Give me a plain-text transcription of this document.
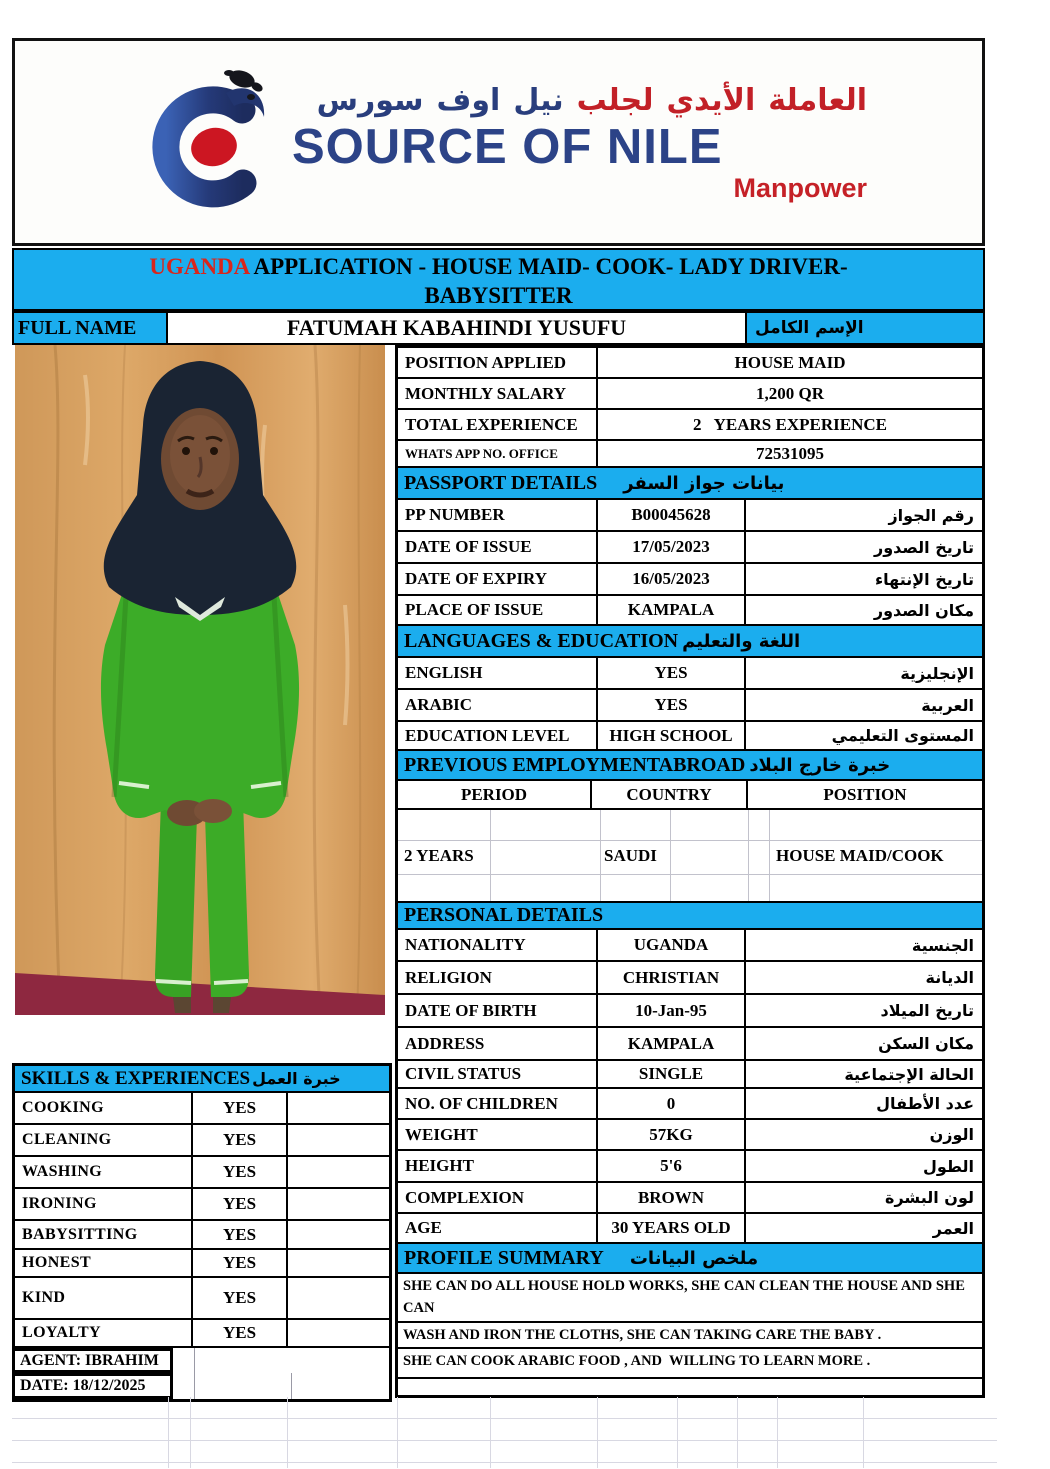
سورس اوف نيل لجلب الأيدي العاملة
SOURCE OF NILE
Manpower
UGANDA APPLICATION - HOUSE MAID- COOK- LADY DRIVER-
BABYSITTER
FULL NAME	FATUMAH KABAHINDI YUSUFU	الإسم الكامل
POSITION APPLIED	HOUSE MAID
MONTHLY SALARY	1,200 QR
TOTAL EXPERIENCE	2   YEARS EXPERIENCE
WHATS APP NO. OFFICE	72531095
PASSPORT DETAILS بيانات جواز السفر
PP NUMBER	B00045628	رقم الجواز
DATE OF ISSUE	17/05/2023	تاريخ الصدور
DATE OF EXPIRY	16/05/2023	تاريخ الإنتهاء
PLACE OF ISSUE	KAMPALA	مكان الصدور
LANGUAGES & EDUCATION اللغة والتعليم
ENGLISH	YES	الإنجليزية
ARABIC	YES	العربية
EDUCATION LEVEL	HIGH SCHOOL	المستوى التعليمي
PREVIOUS EMPLOYMENTABROAD خبرة خارج البلاد
PERIOD	COUNTRY	POSITION
2 YEARS	SAUDI	HOUSE MAID/COOK
PERSONAL DETAILS
NATIONALITY	UGANDA	الجنسية
RELIGION	CHRISTIAN	الديانة
DATE OF BIRTH	10-Jan-95	تاريخ الميلاد
ADDRESS	KAMPALA	مكان السكن
CIVIL STATUS	SINGLE	الحالة الإجتماعية
NO. OF CHILDREN	0	عدد الأطفال
WEIGHT	57KG	الوزن
HEIGHT	5'6	الطول
COMPLEXION	BROWN	لون البشرة
AGE	30 YEARS OLD	العمر
PROFILE SUMMARY ملخص البيانات
SHE CAN DO ALL HOUSE HOLD WORKS, SHE CAN CLEAN THE HOUSE AND SHE CAN
WASH AND IRON THE CLOTHS, SHE CAN TAKING CARE THE BABY .
SHE CAN COOK ARABIC FOOD , AND  WILLING TO LEARN MORE .
SKILLS & EXPERIENCES خبرة العمل
COOKING	YES
CLEANING	YES
WASHING	YES
IRONING	YES
BABYSITTING	YES
HONEST	YES
KIND	YES
LOYALTY	YES
AGENT: IBRAHIM
DATE: 18/12/2025
